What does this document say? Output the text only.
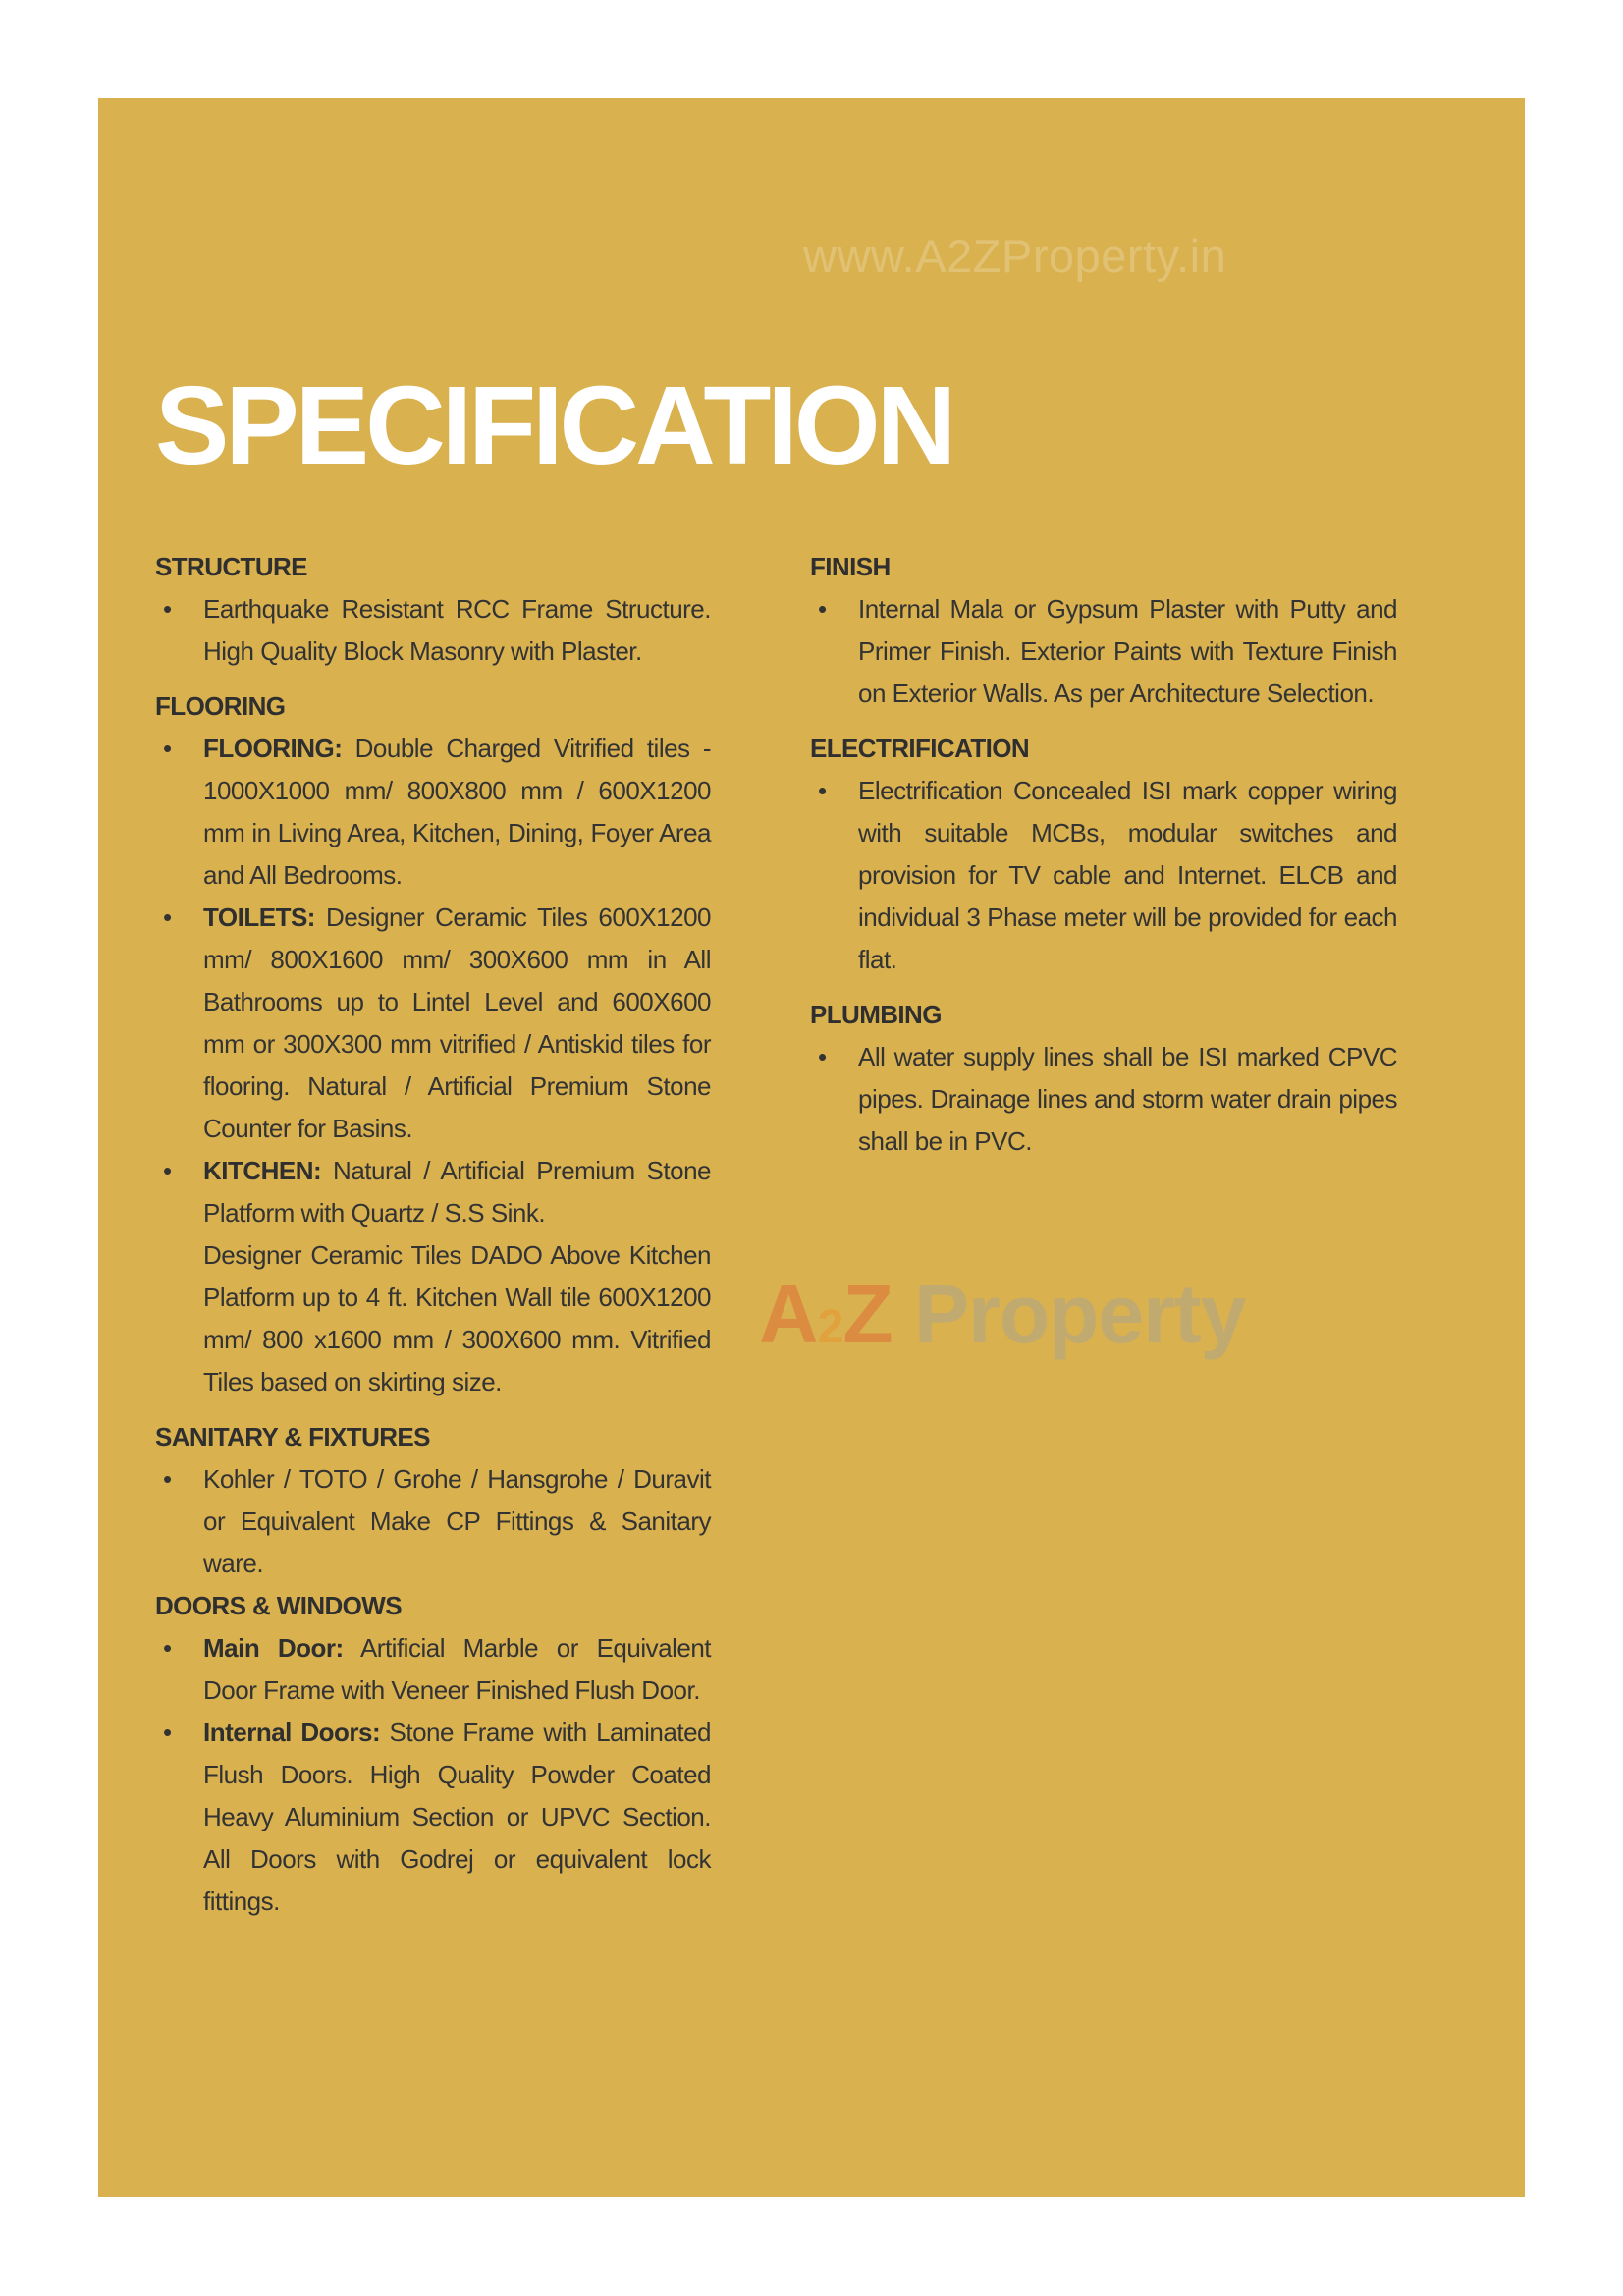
www.A2ZProperty.in
SPECIFICATION
STRUCTURE
• Earthquake Resistant RCC Frame Structure. High Quality Block Masonry with Plaster.
FLOORING
• FLOORING: Double Charged Vitrified tiles - 1000X1000 mm/ 800X800 mm / 600X1200 mm in Living Area, Kitchen, Dining, Foyer Area and All Bedrooms.
• TOILETS: Designer Ceramic Tiles 600X1200 mm/ 800X1600 mm/ 300X600 mm in All Bathrooms up to Lintel Level and 600X600 mm or 300X300 mm vitrified / Antiskid tiles for flooring. Natural / Artificial Premium Stone Counter for Basins.
• KITCHEN: Natural / Artificial Premium Stone Platform with Quartz / S.S Sink.
Designer Ceramic Tiles DADO Above Kitchen Platform up to 4 ft. Kitchen Wall tile 600X1200 mm/ 800 x1600 mm / 300X600 mm. Vitrified Tiles based on skirting size.
SANITARY & FIXTURES
• Kohler / TOTO / Grohe / Hansgrohe / Duravit or Equivalent Make CP Fittings & Sanitary ware.
DOORS & WINDOWS
• Main Door: Artificial Marble or Equivalent Door Frame with Veneer Finished Flush Door.
• Internal Doors: Stone Frame with Laminated Flush Doors. High Quality Powder Coated Heavy Aluminium Section or UPVC Section. All Doors with Godrej or equivalent lock fittings.
FINISH
• Internal Mala or Gypsum Plaster with Putty and Primer Finish. Exterior Paints with Texture Finish on Exterior Walls. As per Architecture Selection.
ELECTRIFICATION
• Electrification Concealed ISI mark copper wiring with suitable MCBs, modular switches and provision for TV cable and Internet. ELCB and individual 3 Phase meter will be provided for each flat.
PLUMBING
• All water supply lines shall be ISI marked CPVC pipes. Drainage lines and storm water drain pipes shall be in PVC.
A2Z Property
